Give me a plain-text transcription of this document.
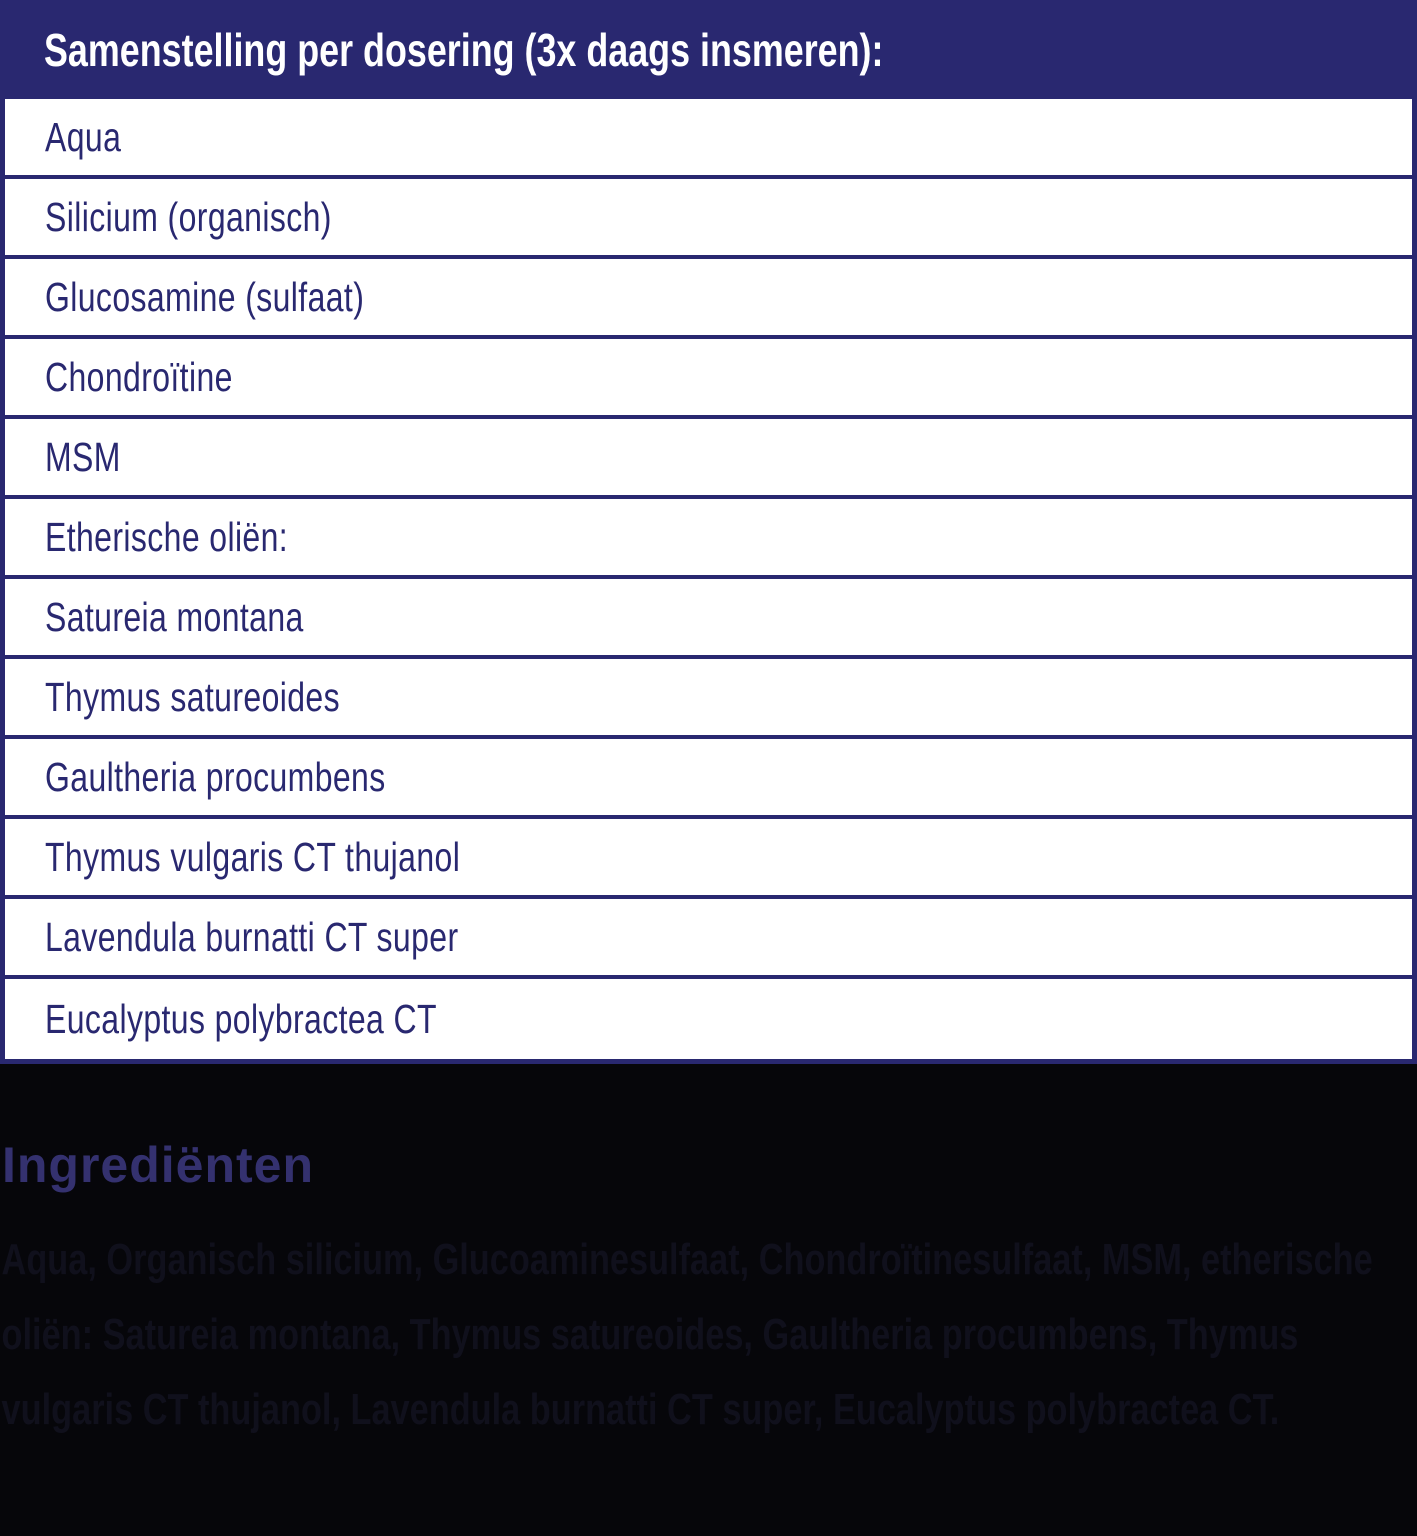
Samenstelling per dosering (3x daags insmeren):
Aqua
Silicium (organisch)
Glucosamine (sulfaat)
Chondroïtine
MSM
Etherische oliën:
Satureia montana
Thymus satureoides
Gaultheria procumbens
Thymus vulgaris CT thujanol
Lavendula burnatti CT super
Eucalyptus polybractea CT
Ingrediënten

Aqua, Organisch silicium, Glucoaminesulfaat, Chondroïtinesulfaat, MSM, etherische oliën: Satureia montana, Thymus satureoides, Gaultheria procumbens, Thymus vulgaris CT thujanol, Lavendula burnatti CT super, Eucalyptus polybractea CT.
